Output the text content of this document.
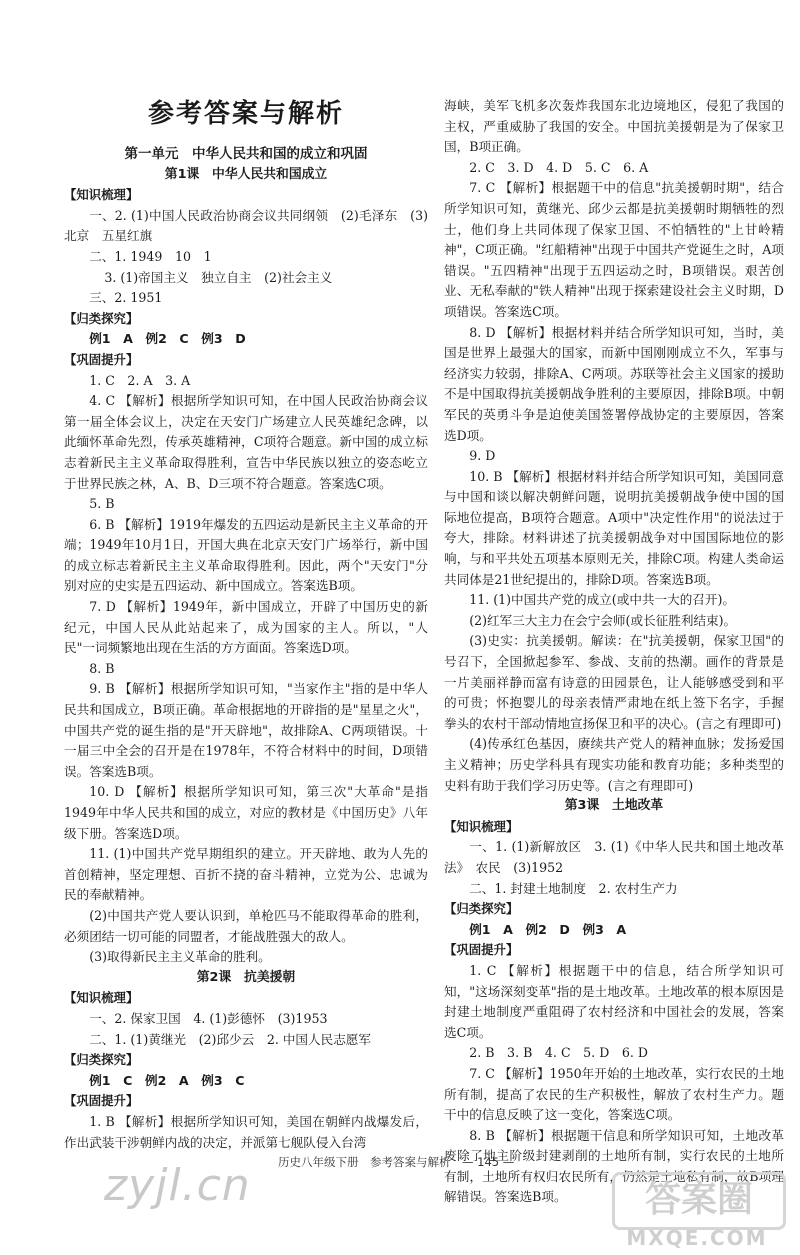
参考答案与解析
第一单元　中华人民共和国的成立和巩固
第1课　中华人民共和国成立
【知识梳理】

一、2. (1)中国人民政治协商会议共同纲领　(2)毛泽东　(3)北京　五星红旗

二、1. 1949　10　1

3. (1)帝国主义　独立自主　(2)社会主义

三、2. 1951

【归类探究】
例1　A　例2　C　例3　D
【巩固提升】

1. C　2. A　3. A

4. C 【解析】根据所学知识可知，在中国人民政治协商会议第一届全体会议上，决定在天安门广场建立人民英雄纪念碑，以此缅怀革命先烈，传承英雄精神，C项符合题意。新中国的成立标志着新民主主义革命取得胜利，宣告中华民族以独立的姿态屹立于世界民族之林，A、B、D三项不符合题意。答案选C项。

5. B

6. B 【解析】1919年爆发的五四运动是新民主主义革命的开端；1949年10月1日，开国大典在北京天安门广场举行，新中国的成立标志着新民主主义革命取得胜利。因此，两个"天安门"分别对应的史实是五四运动、新中国成立。答案选B项。

7. D 【解析】1949年，新中国成立，开辟了中国历史的新纪元，中国人民从此站起来了，成为国家的主人。所以，"人民"一词频繁地出现在生活的方方面面。答案选D项。

8. B

9. B 【解析】根据所学知识可知，"当家作主"指的是中华人民共和国成立，B项正确。革命根据地的开辟指的是"星星之火"，中国共产党的诞生指的是"开天辟地"，故排除A、C两项错误。十一届三中全会的召开是在1978年，不符合材料中的时间，D项错误。答案选B项。

10. D 【解析】根据所学知识可知，第三次"大革命"是指1949年中华人民共和国的成立，对应的教材是《中国历史》八年级下册。答案选D项。

11. (1)中国共产党早期组织的建立。开天辟地、敢为人先的首创精神，坚定理想、百折不挠的奋斗精神，立党为公、忠诚为民的奉献精神。

(2)中国共产党人要认识到，单枪匹马不能取得革命的胜利，必须团结一切可能的同盟者，才能战胜强大的敌人。

(3)取得新民主主义革命的胜利。

第2课　抗美援朝
【知识梳理】

一、2. 保家卫国　4. (1)彭德怀　(3)1953

二、1. (1)黄继光　(2)邱少云　2. 中国人民志愿军

【归类探究】
例1　C　例2　A　例3　C
【巩固提升】

1. B 【解析】根据所学知识可知，美国在朝鲜内战爆发后，作出武装干涉朝鲜内战的决定，并派第七舰队侵入台湾

海峡，美军飞机多次轰炸我国东北边境地区，侵犯了我国的主权，严重威胁了我国的安全。中国抗美援朝是为了保家卫国，B项正确。

2. C　3. D　4. D　5. C　6. A

7. C 【解析】根据题干中的信息"抗美援朝时期"，结合所学知识可知，黄继光、邱少云都是抗美援朝时期牺牲的烈士，他们身上共同体现了保家卫国、不怕牺牲的"上甘岭精神"，C项正确。"红船精神"出现于中国共产党诞生之时，A项错误。"五四精神"出现于五四运动之时，B项错误。艰苦创业、无私奉献的"铁人精神"出现于探索建设社会主义时期，D项错误。答案选C项。

8. D 【解析】根据材料并结合所学知识可知，当时，美国是世界上最强大的国家，而新中国刚刚成立不久，军事与经济实力较弱，排除A、C两项。苏联等社会主义国家的援助不是中国取得抗美援朝战争胜利的主要原因，排除B项。中朝军民的英勇斗争是迫使美国签署停战协定的主要原因，答案选D项。

9. D

10. B 【解析】根据材料并结合所学知识可知，美国同意与中国和谈以解决朝鲜问题，说明抗美援朝战争使中国的国际地位提高，B项符合题意。A项中"决定性作用"的说法过于夸大，排除。材料讲述了抗美援朝战争对中国国际地位的影响，与和平共处五项基本原则无关，排除C项。构建人类命运共同体是21世纪提出的，排除D项。答案选B项。

11. (1)中国共产党的成立(或中共一大的召开)。

(2)红军三大主力在会宁会师(或长征胜利结束)。

(3)史实：抗美援朝。解读：在"抗美援朝，保家卫国"的号召下，全国掀起参军、参战、支前的热潮。画作的背景是一片美丽祥静而富有诗意的田园景色，让人能够感受到和平的可贵；怀抱婴儿的母亲表情严肃地在纸上签下名字，手握拳头的农村干部动情地宣扬保卫和平的决心。(言之有理即可)

(4)传承红色基因，赓续共产党人的精神血脉；发扬爱国主义精神；历史学科具有现实功能和教育功能；多种类型的史料有助于我们学习历史等。(言之有理即可)

第3课　土地改革
【知识梳理】

一、1. (1)新解放区　3. (1)《中华人民共和国土地改革法》　农民　(3)1952

二、1. 封建土地制度　2. 农村生产力

【归类探究】
例1　A　例2　D　例3　A
【巩固提升】

1. C 【解析】根据题干中的信息，结合所学知识可知，"这场深刻变革"指的是土地改革。土地改革的根本原因是封建土地制度严重阻碍了农村经济和中国社会的发展，答案选C项。

2. B　3. B　4. C　5. D　6. D

7. C 【解析】1950年开始的土地改革，实行农民的土地所有制，提高了农民的生产积极性，解放了农村生产力。题干中的信息反映了这一变化，答案选C项。

8. B 【解析】根据题干信息和所学知识可知，土地改革废除了地主阶级封建剥削的土地所有制，实行农民的土地所有制，土地所有权归农民所有，仍然是土地私有制，故B项理解错误。答案选B项。

历史八年级下册　参考答案与解析　— 145 —
zyjl.cn	答案圈
MXQE.COM
